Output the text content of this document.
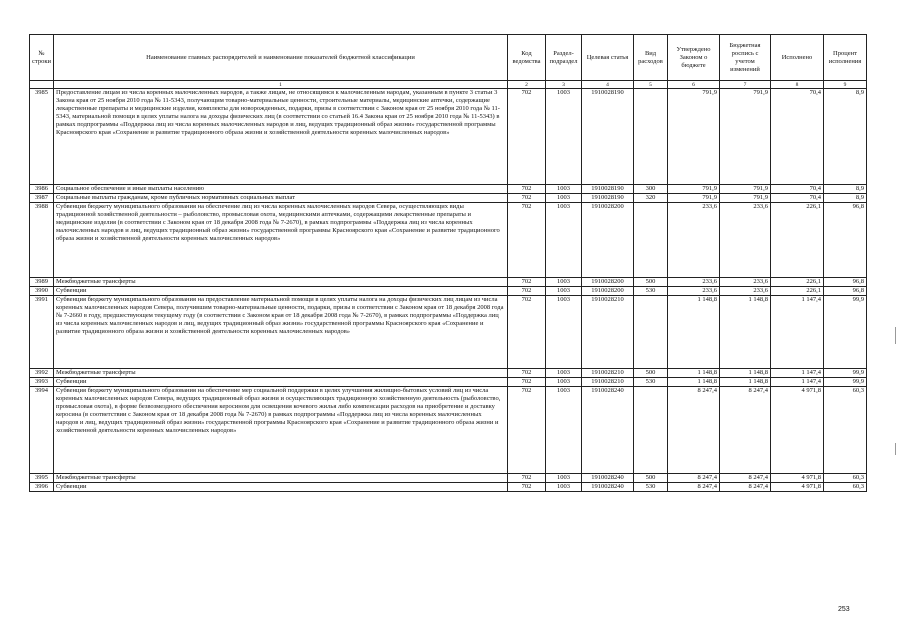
№ строки	Наименование главных распорядителей и наименование показателей бюджетной классификации	Код ведомства	Раздел-подраздел	Целевая статья	Вид расходов	Утверждено Законом о бюджете	Бюджетная роспись с учетом изменений	Исполнено	Процент исполнения
	1	2	3	4	5	6	7	8	9
3985	Предоставление лицам из числа коренных малочисленных народов, а также лицам, не относящимся к малочисленным народам, указанным в пункте 3 статьи 3 Закона края от 25 ноября 2010 года № 11-5343, получающим товарно-материальные ценности, строительные материалы, медицинские аптечки, содержащие лекарственные препараты и медицинские изделия, комплекты для новорожденных, подарки, призы в соответствии с Законом края от 25 ноября 2010 года № 11-5343, материальной помощи в целях уплаты налога на доходы физических лиц (в соответствии со статьей 16.4 Закона края от 25 ноября 2010 года № 11-5343) в рамках подпрограммы «Поддержка лиц из числа коренных малочисленных народов и лиц, ведущих традиционный образ жизни» государственной программы Красноярского края «Сохранение и развитие традиционного образа жизни и хозяйственной деятельности коренных малочисленных народов»	702	1003	1910028190		791,9	791,9	70,4	8,9
3986	Социальное обеспечение и иные выплаты населению	702	1003	1910028190	300	791,9	791,9	70,4	8,9
3987	Социальные выплаты гражданам, кроме публичных нормативных социальных выплат	702	1003	1910028190	320	791,9	791,9	70,4	8,9
3988	Субвенция бюджету муниципального образования на обеспечение лиц из числа коренных малочисленных народов Севера, осуществляющих виды традиционной хозяйственной деятельности – рыболовство, промысловая охота, медицинскими аптечками, содержащими лекарственные препараты и медицинские изделия (в соответствии с Законом края от 18 декабря 2008 года № 7-2670), в рамках подпрограммы «Поддержка лиц из числа коренных малочисленных народов и лиц, ведущих традиционный образ жизни» государственной программы Красноярского края «Сохранение и развитие традиционного образа жизни и хозяйственной деятельности коренных малочисленных народов»	702	1003	1910028200		233,6	233,6	226,1	96,8
3989	Межбюджетные трансферты	702	1003	1910028200	500	233,6	233,6	226,1	96,8
3990	Субвенции	702	1003	1910028200	530	233,6	233,6	226,1	96,8
3991	Субвенция бюджету муниципального образования на предоставление материальной помощи в целях уплаты налога на доходы физических лиц лицам из числа коренных малочисленных народов Севера, получившим товарно-материальные ценности, подарки, призы в соответствии с Законом края от 18 декабря 2008 года № 7-2660 в году, предшествующем текущему году (в соответствии с Законом края от 18 декабря 2008 года № 7-2670), в рамках подпрограммы «Поддержка лиц из числа коренных малочисленных народов и лиц, ведущих традиционный образ жизни» государственной программы Красноярского края «Сохранение и развитие традиционного образа жизни и хозяйственной деятельности коренных малочисленных народов»	702	1003	1910028210		1 148,8	1 148,8	1 147,4	99,9
3992	Межбюджетные трансферты	702	1003	1910028210	500	1 148,8	1 148,8	1 147,4	99,9
3993	Субвенции	702	1003	1910028210	530	1 148,8	1 148,8	1 147,4	99,9
3994	Субвенция бюджету муниципального образования на обеспечение мер социальной поддержки в целях улучшения жилищно-бытовых условий лиц из числа коренных малочисленных народов Севера, ведущих традиционный образ жизни и осуществляющих традиционную хозяйственную деятельность (рыболовство, промысловая охота), в форме безвозмездного обеспечения керосином для освещения кочевого жилья либо компенсации расходов на приобретение и доставку керосина (в соответствии с Законом края от 18 декабря 2008 года № 7-2670) в рамках подпрограммы «Поддержка лиц из числа коренных малочисленных народов и лиц, ведущих традиционный образ жизни» государственной программы Красноярского края «Сохранение и развитие традиционного образа жизни и хозяйственной деятельности коренных малочисленных народов»	702	1003	1910028240		8 247,4	8 247,4	4 971,8	60,3
3995	Межбюджетные трансферты	702	1003	1910028240	500	8 247,4	8 247,4	4 971,8	60,3
3996	Субвенции	702	1003	1910028240	530	8 247,4	8 247,4	4 971,8	60,3
253
